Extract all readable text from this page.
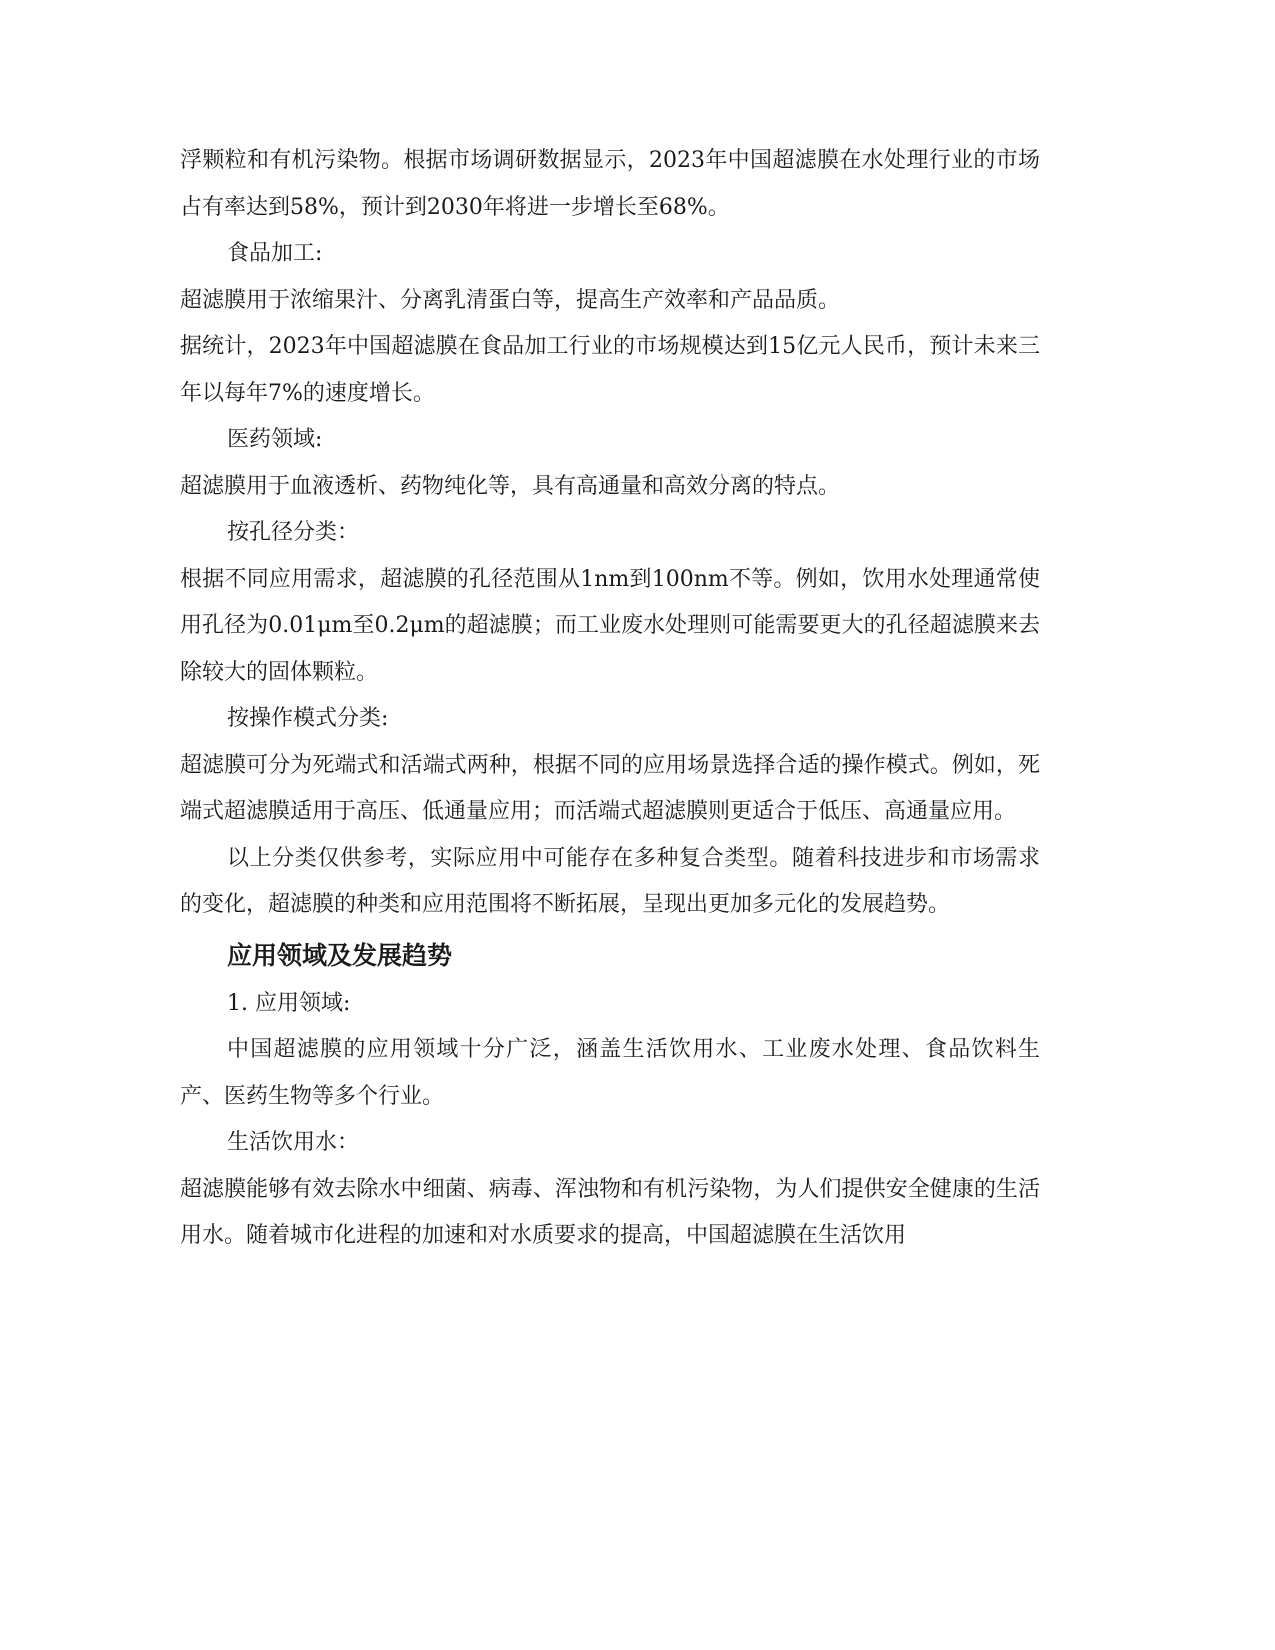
浮颗粒和有机污染物。根据市场调研数据显示，2023年中国超滤膜在水处理行业的市场占有率达到58%，预计到2030年将进一步增长至68%。

食品加工:

超滤膜用于浓缩果汁、分离乳清蛋白等，提高生产效率和产品品质。

据统计，2023年中国超滤膜在食品加工行业的市场规模达到15亿元人民币，预计未来三年以每年7%的速度增长。

医药领域:

超滤膜用于血液透析、药物纯化等，具有高通量和高效分离的特点。

按孔径分类：

根据不同应用需求，超滤膜的孔径范围从1nm到100nm不等。例如，饮用水处理通常使用孔径为0.01μm至0.2μm的超滤膜；而工业废水处理则可能需要更大的孔径超滤膜来去除较大的固体颗粒。

按操作模式分类:

超滤膜可分为死端式和活端式两种，根据不同的应用场景选择合适的操作模式。例如，死端式超滤膜适用于高压、低通量应用；而活端式超滤膜则更适合于低压、高通量应用。

以上分类仅供参考，实际应用中可能存在多种复合类型。随着科技进步和市场需求的变化，超滤膜的种类和应用范围将不断拓展，呈现出更加多元化的发展趋势。

应用领域及发展趋势

1. 应用领域:

中国超滤膜的应用领域十分广泛，涵盖生活饮用水、工业废水处理、食品饮料生产、医药生物等多个行业。

生活饮用水：

超滤膜能够有效去除水中细菌、病毒、浑浊物和有机污染物，为人们提供安全健康的生活用水。随着城市化进程的加速和对水质要求的提高，中国超滤膜在生活饮用
